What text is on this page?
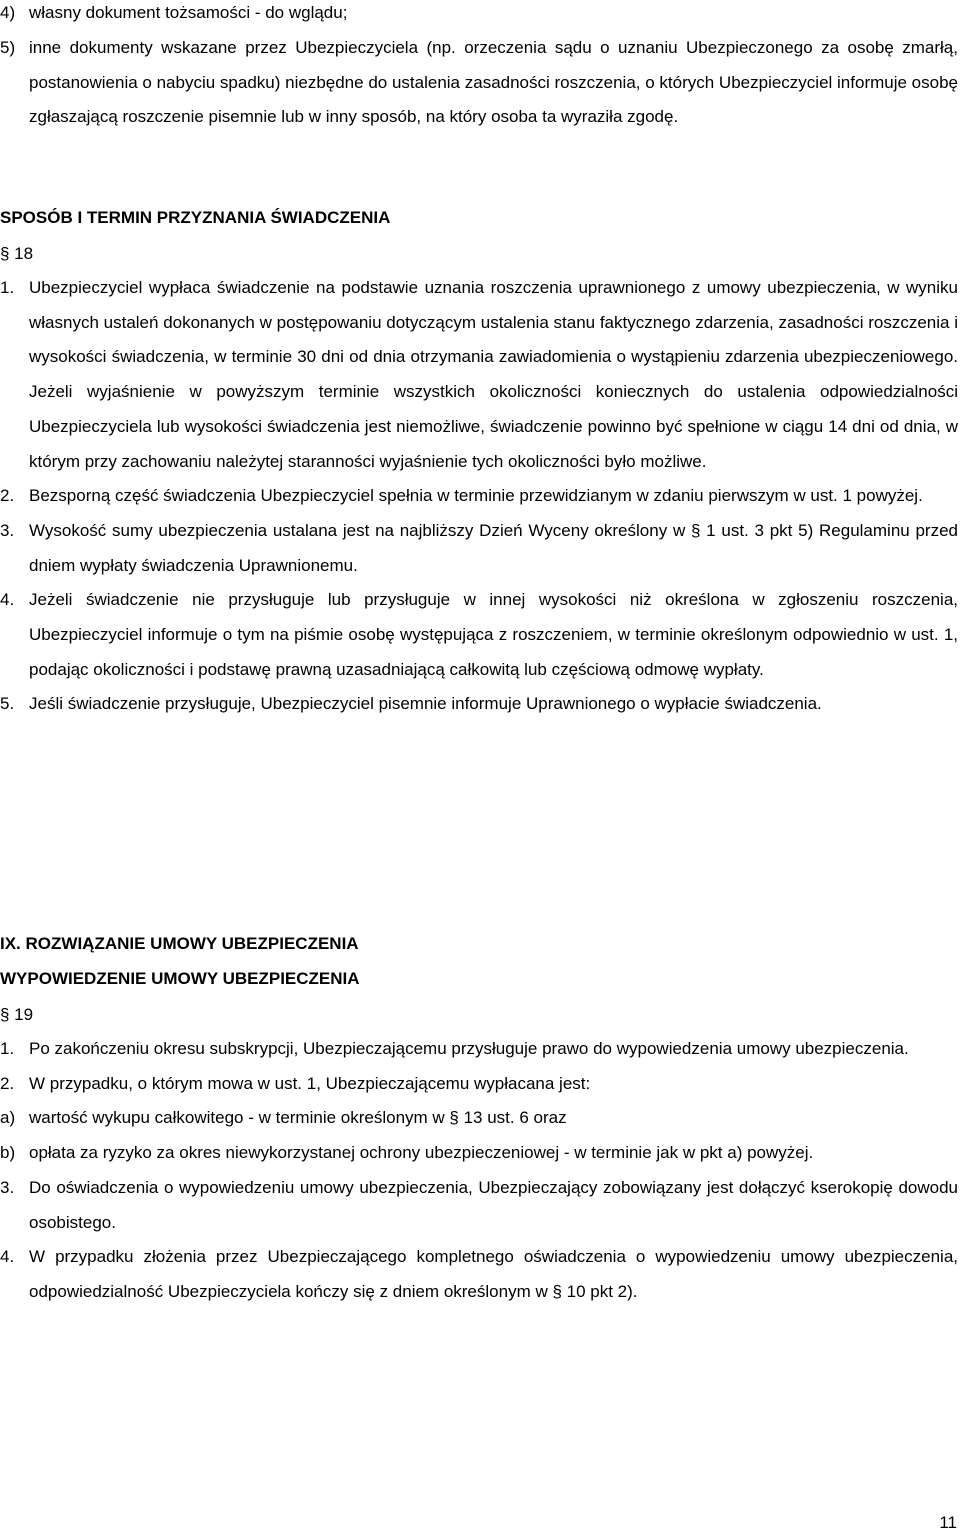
4) własny dokument tożsamości - do wglądu;

5) inne dokumenty wskazane przez Ubezpieczyciela (np. orzeczenia sądu o uznaniu Ubezpieczonego za osobę zmarłą, postanowienia o nabyciu spadku) niezbędne do ustalenia zasadności roszczenia, o których Ubezpieczyciel informuje osobę zgłaszającą roszczenie pisemnie lub w inny sposób, na który osoba ta wyraziła zgodę.

SPOSÓB I TERMIN PRZYZNANIA ŚWIADCZENIA
§ 18

1. Ubezpieczyciel wypłaca świadczenie na podstawie uznania roszczenia uprawnionego z umowy ubezpieczenia, w wyniku własnych ustaleń dokonanych w postępowaniu dotyczącym ustalenia stanu faktycznego zdarzenia, zasadności roszczenia i wysokości świadczenia, w terminie 30 dni od dnia otrzymania zawiadomienia o wystąpieniu zdarzenia ubezpieczeniowego. Jeżeli wyjaśnienie w powyższym terminie wszystkich okoliczności koniecznych do ustalenia odpowiedzialności Ubezpieczyciela lub wysokości świadczenia jest niemożliwe, świadczenie powinno być spełnione w ciągu 14 dni od dnia, w którym przy zachowaniu należytej staranności wyjaśnienie tych okoliczności było możliwe.

2. Bezsporną część świadczenia Ubezpieczyciel spełnia w terminie przewidzianym w zdaniu pierwszym w ust. 1 powyżej.

3. Wysokość sumy ubezpieczenia ustalana jest na najbliższy Dzień Wyceny określony w § 1 ust. 3 pkt 5) Regulaminu przed dniem wypłaty świadczenia Uprawnionemu.

4. Jeżeli świadczenie nie przysługuje lub przysługuje w innej wysokości niż określona w zgłoszeniu roszczenia, Ubezpieczyciel informuje o tym na piśmie osobę występująca z roszczeniem, w terminie określonym odpowiednio w ust. 1, podając okoliczności i podstawę prawną uzasadniającą całkowitą lub częściową odmowę wypłaty.

5. Jeśli świadczenie przysługuje, Ubezpieczyciel pisemnie informuje Uprawnionego o wypłacie świadczenia.

IX. ROZWIĄZANIE UMOWY UBEZPIECZENIA
WYPOWIEDZENIE UMOWY UBEZPIECZENIA
§ 19

1. Po zakończeniu okresu subskrypcji, Ubezpieczającemu przysługuje prawo do wypowiedzenia umowy ubezpieczenia.

2. W przypadku, o którym mowa w ust. 1, Ubezpieczającemu wypłacana jest:

a) wartość wykupu całkowitego - w terminie określonym w § 13 ust. 6 oraz

b) opłata za ryzyko za okres niewykorzystanej ochrony ubezpieczeniowej - w terminie jak w pkt a) powyżej.

3. Do oświadczenia o wypowiedzeniu umowy ubezpieczenia, Ubezpieczający zobowiązany jest dołączyć kserokopię dowodu osobistego.

4. W przypadku złożenia przez Ubezpieczającego kompletnego oświadczenia o wypowiedzeniu umowy ubezpieczenia, odpowiedzialność Ubezpieczyciela kończy się z dniem określonym w § 10 pkt 2).

11
